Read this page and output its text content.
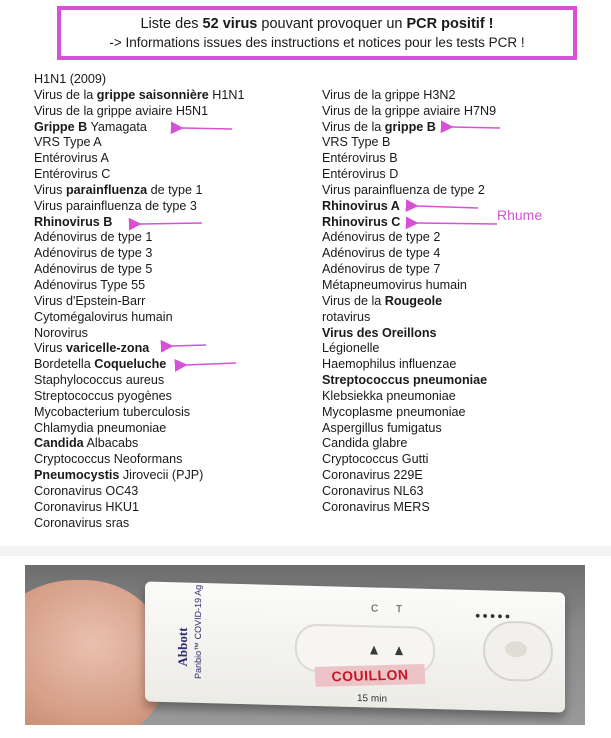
Liste des 52 virus pouvant provoquer un PCR positif !
-> Informations issues des instructions et notices pour les tests PCR !
H1N1 (2009)
Virus de la grippe saisonnière H1N1
Virus de la grippe aviaire H5N1
Grippe B Yamagata
VRS Type A
Entérovirus A
Entérovirus C
Virus parainfluenza de type 1
Virus parainfluenza de type 3
Rhinovirus B
Adénovirus de type 1
Adénovirus de type 3
Adénovirus de type 5
Adénovirus Type 55
Virus d'Epstein-Barr
Cytomégalovirus humain
Norovirus
Virus varicelle-zona
Bordetella Coqueluche
Staphylococcus aureus
Streptococcus pyogènes
Mycobacterium tuberculosis
Chlamydia pneumoniae
Candida Albacabs
Cryptococcus Neoformans
Pneumocystis Jirovecii (PJP)
Coronavirus OC43
Coronavirus HKU1
Coronavirus sras
Virus de la grippe H3N2
Virus de la grippe aviaire H7N9
Virus de la grippe B
VRS Type B
Entérovirus B
Entérovirus D
Virus parainfluenza de type 2
Rhinovirus A
Rhinovirus C
Adénovirus de type 2
Adénovirus de type 4
Adénovirus de type 7
Métapneumovirus humain
Virus de la Rougeole
rotavirus
Virus des Oreillons
Légionelle
Haemophilus influenzae
Streptococcus pneumoniae
Klebsiekka pneumoniae
Mycoplasme pneumoniae
Aspergillus fumigatus
Candida glabre
Cryptococcus Gutti
Coronavirus 229E
Coronavirus NL63
Coronavirus MERS
Rhume
Abbott Panbio™ COVID-19 Ag	C T
COUILLON
15 min
●●●●●
